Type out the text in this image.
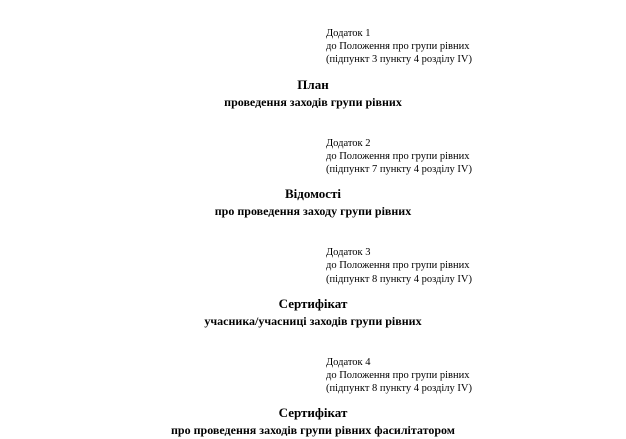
Додаток 1
до Положення про групи рівних
(підпункт 3 пункту 4 розділу IV)
План
проведення заходів групи рівних
Додаток 2
до Положення про групи рівних
(підпункт 7 пункту 4 розділу IV)
Відомості
про проведення заходу групи рівних
Додаток 3
до Положення про групи рівних
(підпункт 8 пункту 4 розділу IV)
Сертифікат
учасника/учасниці заходів групи рівних
Додаток 4
до Положення про групи рівних
(підпункт 8 пункту 4 розділу IV)
Сертифікат
про проведення заходів групи рівних фасилітатором
